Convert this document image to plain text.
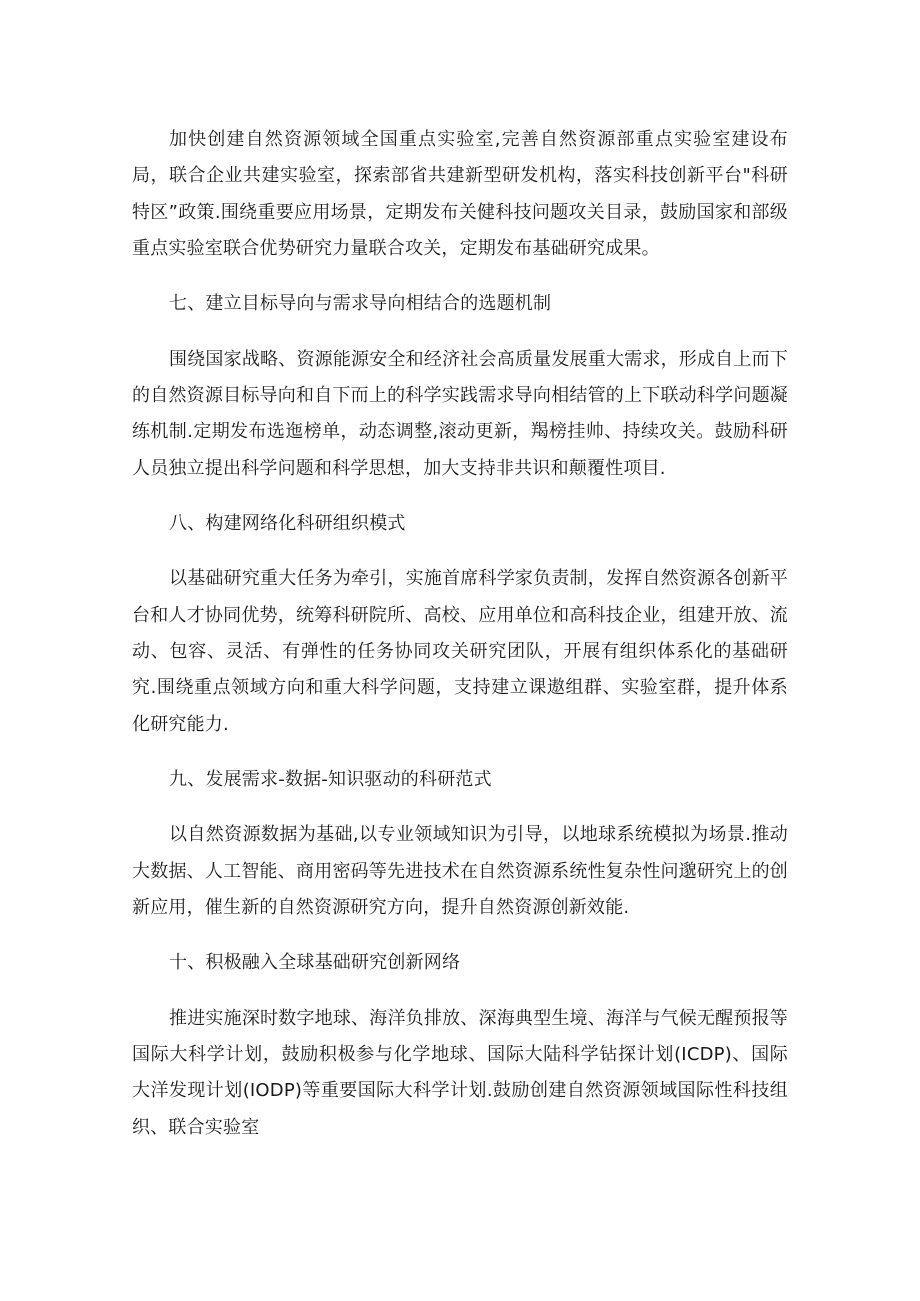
加快创建自然资源领域全国重点实验室,完善自然资源部重点实验室建设布局，联合企业共建实验室，探索部省共建新型研发机构，落实科技创新平台"科研特区”政策.围绕重要应用场景，定期发布关健科技问题攻关目录，鼓励国家和部级重点实验室联合优势研究力量联合攻关，定期发布基础研究成果。

七、建立目标导向与需求导向相结合的选题机制

围绕国家战略、资源能源安全和经济社会高质量发展重大需求，形成自上而下的自然资源目标导向和自下而上的科学实践需求导向相结管的上下联动科学问题凝练机制.定期发布选迤榜单，动态调整,滚动更新，羯榜挂帅、持续攻关。鼓励科研人员独立提出科学问题和科学思想，加大支持非共识和颠覆性项目.

八、构建网络化科研组织模式

以基础研究重大任务为牵引，实施首席科学家负责制，发挥自然资源各创新平台和人才协同优势，统筹科研院所、高校、应用单位和高科技企业，组建开放、流动、包容、灵活、有弹性的任务协同攻关研究团队，开展有组织体系化的基础研究.围绕重点领域方向和重大科学问题，支持建立课遨组群、实验室群，提升体系化研究能力.

九、发展需求-数据-知识驱动的科研范式

以自然资源数据为基础,以专业领域知识为引导，以地球系统模拟为场景.推动大数据、人工智能、商用密码等先进技术在自然资源系统性复杂性问邈研究上的创新应用，催生新的自然资源研究方向，提升自然资源创新效能.

十、积极融入全球基础研究创新网络

推进实施深时数字地球、海洋负排放、深海典型生境、海洋与气候无醒预报等国际大科学计划，鼓励积极参与化学地球、国际大陆科学钻探计划(ICDP)、国际大洋发现计划(IODP)等重要国际大科学计划.鼓励创建自然资源领域国际性科技组织、联合实验室
